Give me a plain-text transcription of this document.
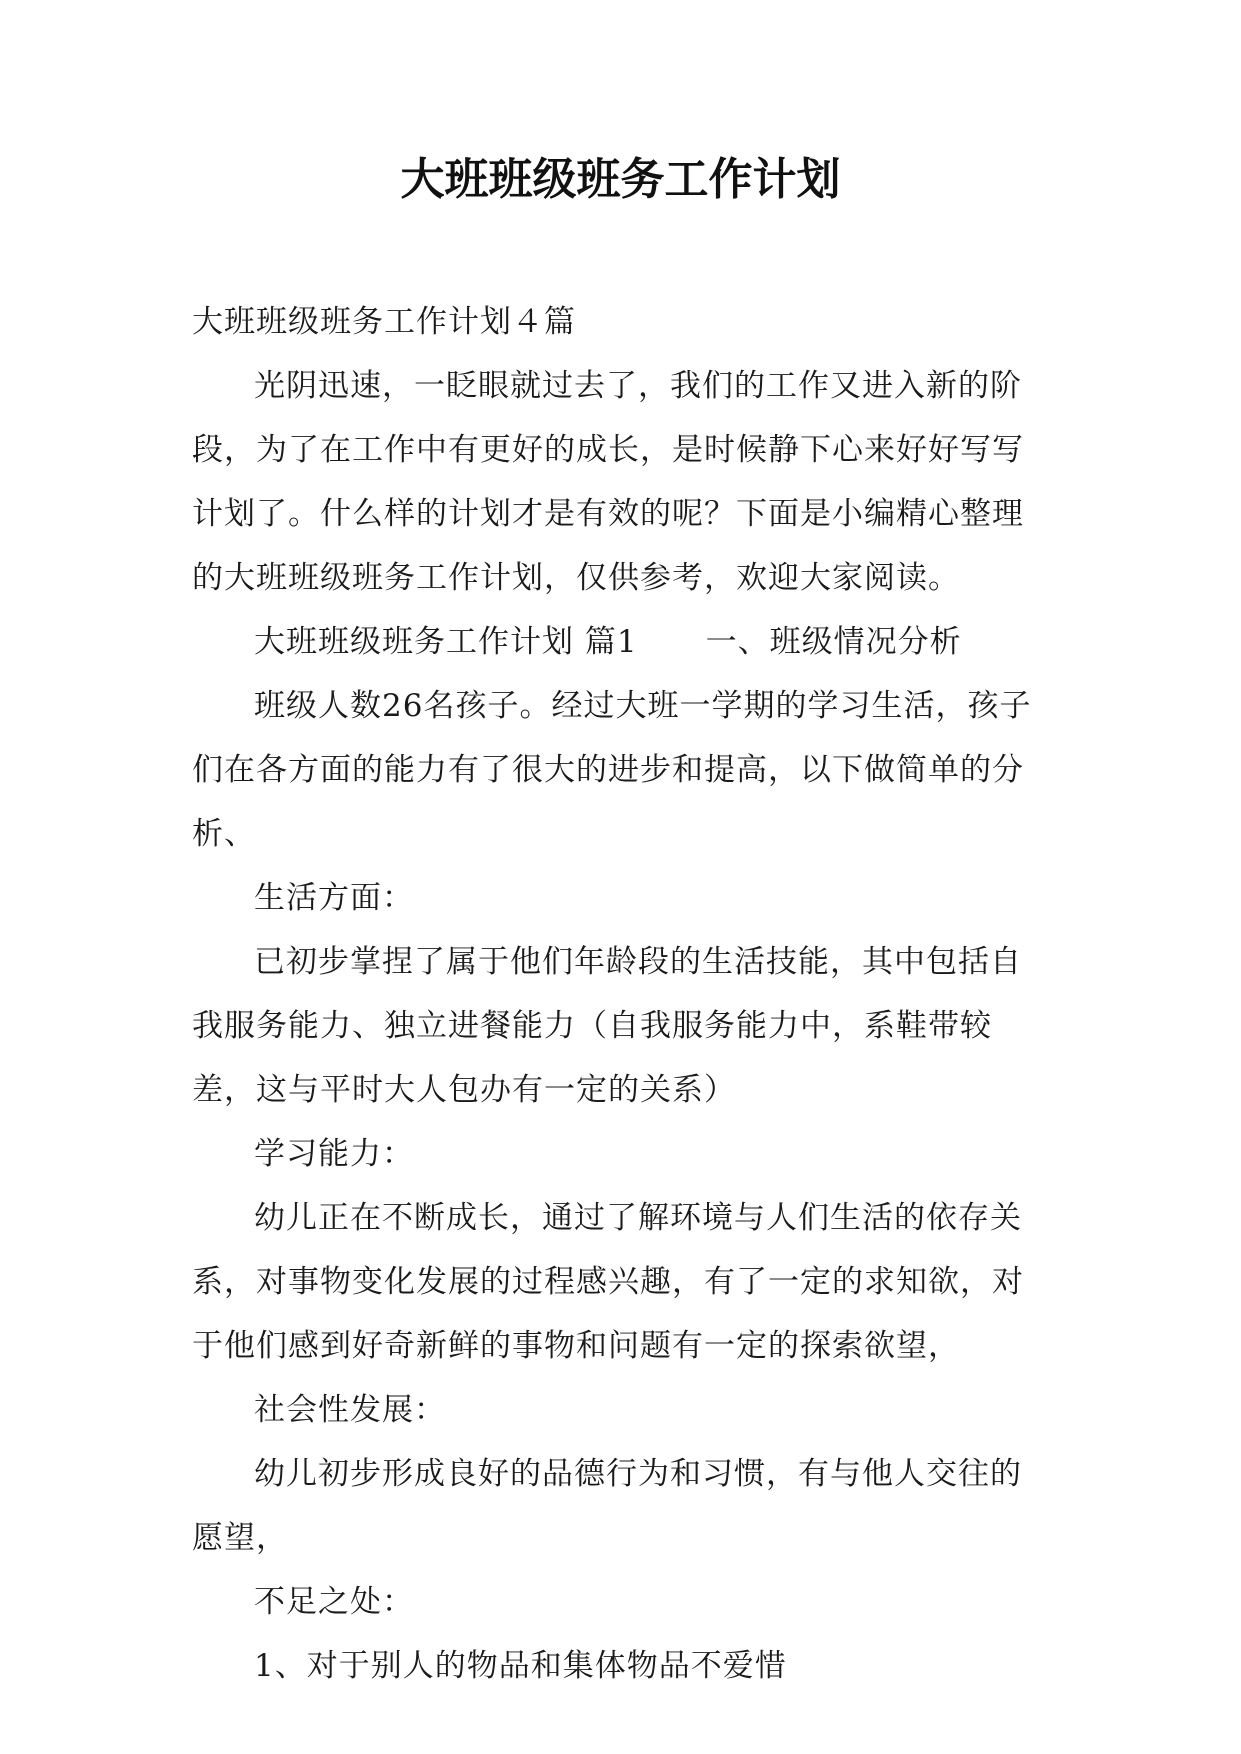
大班班级班务工作计划

大班班级班务工作计划４篇

光阴迅速，一眨眼就过去了，我们的工作又进入新的阶段，为了在工作中有更好的成长，是时候静下心来好好写写计划了。什么样的计划才是有效的呢？下面是小编精心整理的大班班级班务工作计划，仅供参考，欢迎大家阅读。

大班班级班务工作计划 篇1 一、班级情况分析

班级人数26名孩子。经过大班一学期的学习生活，孩子们在各方面的能力有了很大的进步和提高，以下做简单的分析、

生活方面：

已初步掌捏了属于他们年龄段的生活技能，其中包括自我服务能力、独立进餐能力（自我服务能力中，系鞋带较差，这与平时大人包办有一定的关系）

学习能力：

幼儿正在不断成长，通过了解环境与人们生活的依存关系，对事物变化发展的过程感兴趣，有了一定的求知欲，对于他们感到好奇新鲜的事物和问题有一定的探索欲望，

社会性发展：

幼儿初步形成良好的品德行为和习惯，有与他人交往的愿望，

不足之处：

1、对于别人的物品和集体物品不爱惜
